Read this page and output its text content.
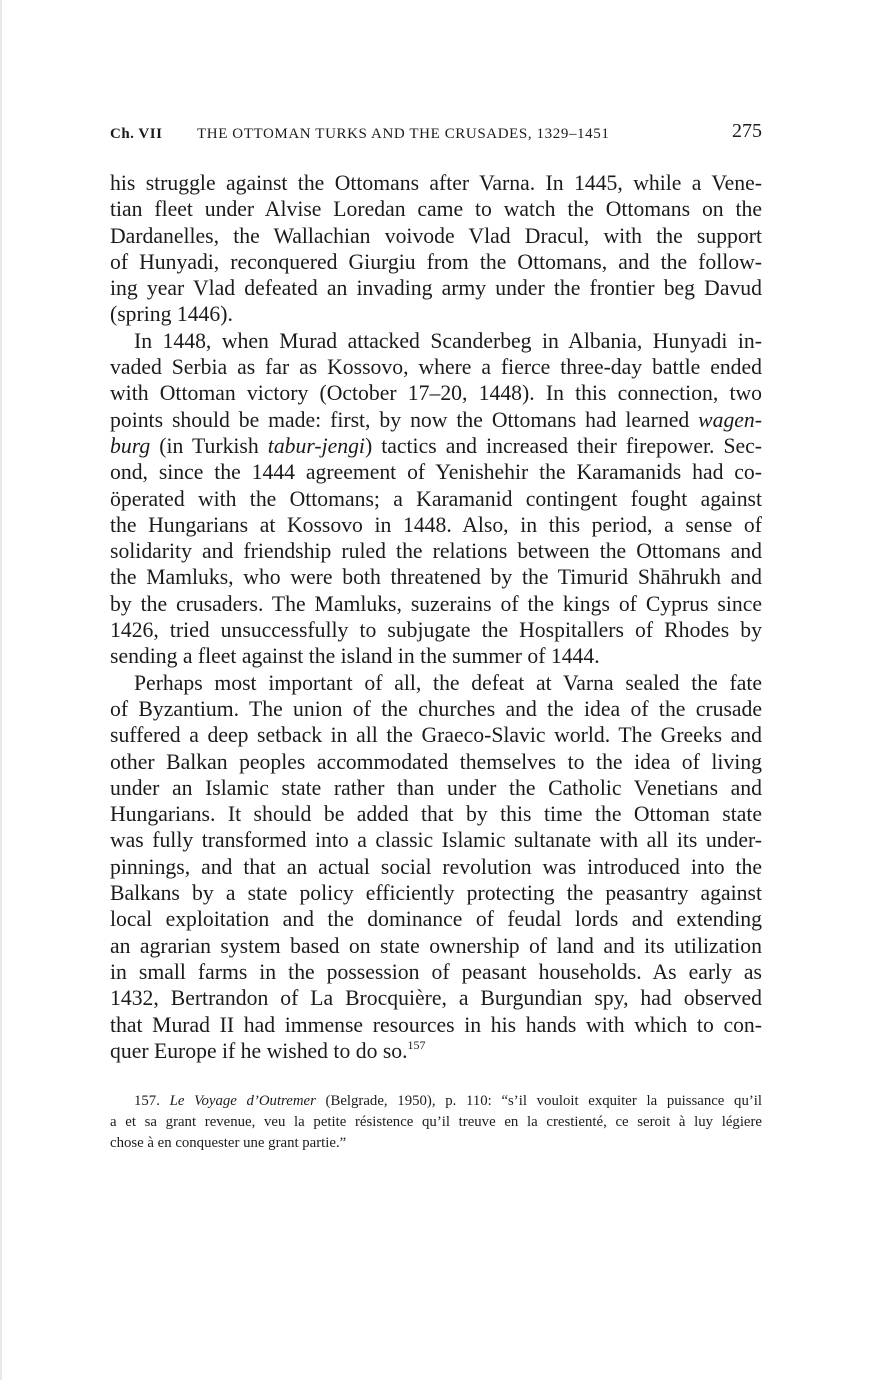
Ch. VII THE OTTOMAN TURKS AND THE CRUSADES, 1329–1451	275
his struggle against the Ottomans after Varna. In 1445, while a Vene-
tian fleet under Alvise Loredan came to watch the Ottomans on the
Dardanelles, the Wallachian voivode Vlad Dracul, with the support
of Hunyadi, reconquered Giurgiu from the Ottomans, and the follow-
ing year Vlad defeated an invading army under the frontier beg Davud
(spring 1446).
In 1448, when Murad attacked Scanderbeg in Albania, Hunyadi in-
vaded Serbia as far as Kossovo, where a fierce three-day battle ended
with Ottoman victory (October 17–20, 1448). In this connection, two
points should be made: first, by now the Ottomans had learned wagen-
burg (in Turkish tabur-jengi) tactics and increased their firepower. Sec-
ond, since the 1444 agreement of Yenishehir the Karamanids had co-
öperated with the Ottomans; a Karamanid contingent fought against
the Hungarians at Kossovo in 1448. Also, in this period, a sense of
solidarity and friendship ruled the relations between the Ottomans and
the Mamluks, who were both threatened by the Timurid Shāhrukh and
by the crusaders. The Mamluks, suzerains of the kings of Cyprus since
1426, tried unsuccessfully to subjugate the Hospitallers of Rhodes by
sending a fleet against the island in the summer of 1444.
Perhaps most important of all, the defeat at Varna sealed the fate
of Byzantium. The union of the churches and the idea of the crusade
suffered a deep setback in all the Graeco-Slavic world. The Greeks and
other Balkan peoples accommodated themselves to the idea of living
under an Islamic state rather than under the Catholic Venetians and
Hungarians. It should be added that by this time the Ottoman state
was fully transformed into a classic Islamic sultanate with all its under-
pinnings, and that an actual social revolution was introduced into the
Balkans by a state policy efficiently protecting the peasantry against
local exploitation and the dominance of feudal lords and extending
an agrarian system based on state ownership of land and its utilization
in small farms in the possession of peasant households. As early as
1432, Bertrandon of La Brocquière, a Burgundian spy, had observed
that Murad II had immense resources in his hands with which to con-
quer Europe if he wished to do so.$^{157}$
157. Le Voyage d’Outremer (Belgrade, 1950), p. 110: “s’il vouloit exquiter la puissance qu’il
a et sa grant revenue, veu la petite résistence qu’il treuve en la crestienté, ce seroit à luy légiere
chose à en conquester une grant partie.”
